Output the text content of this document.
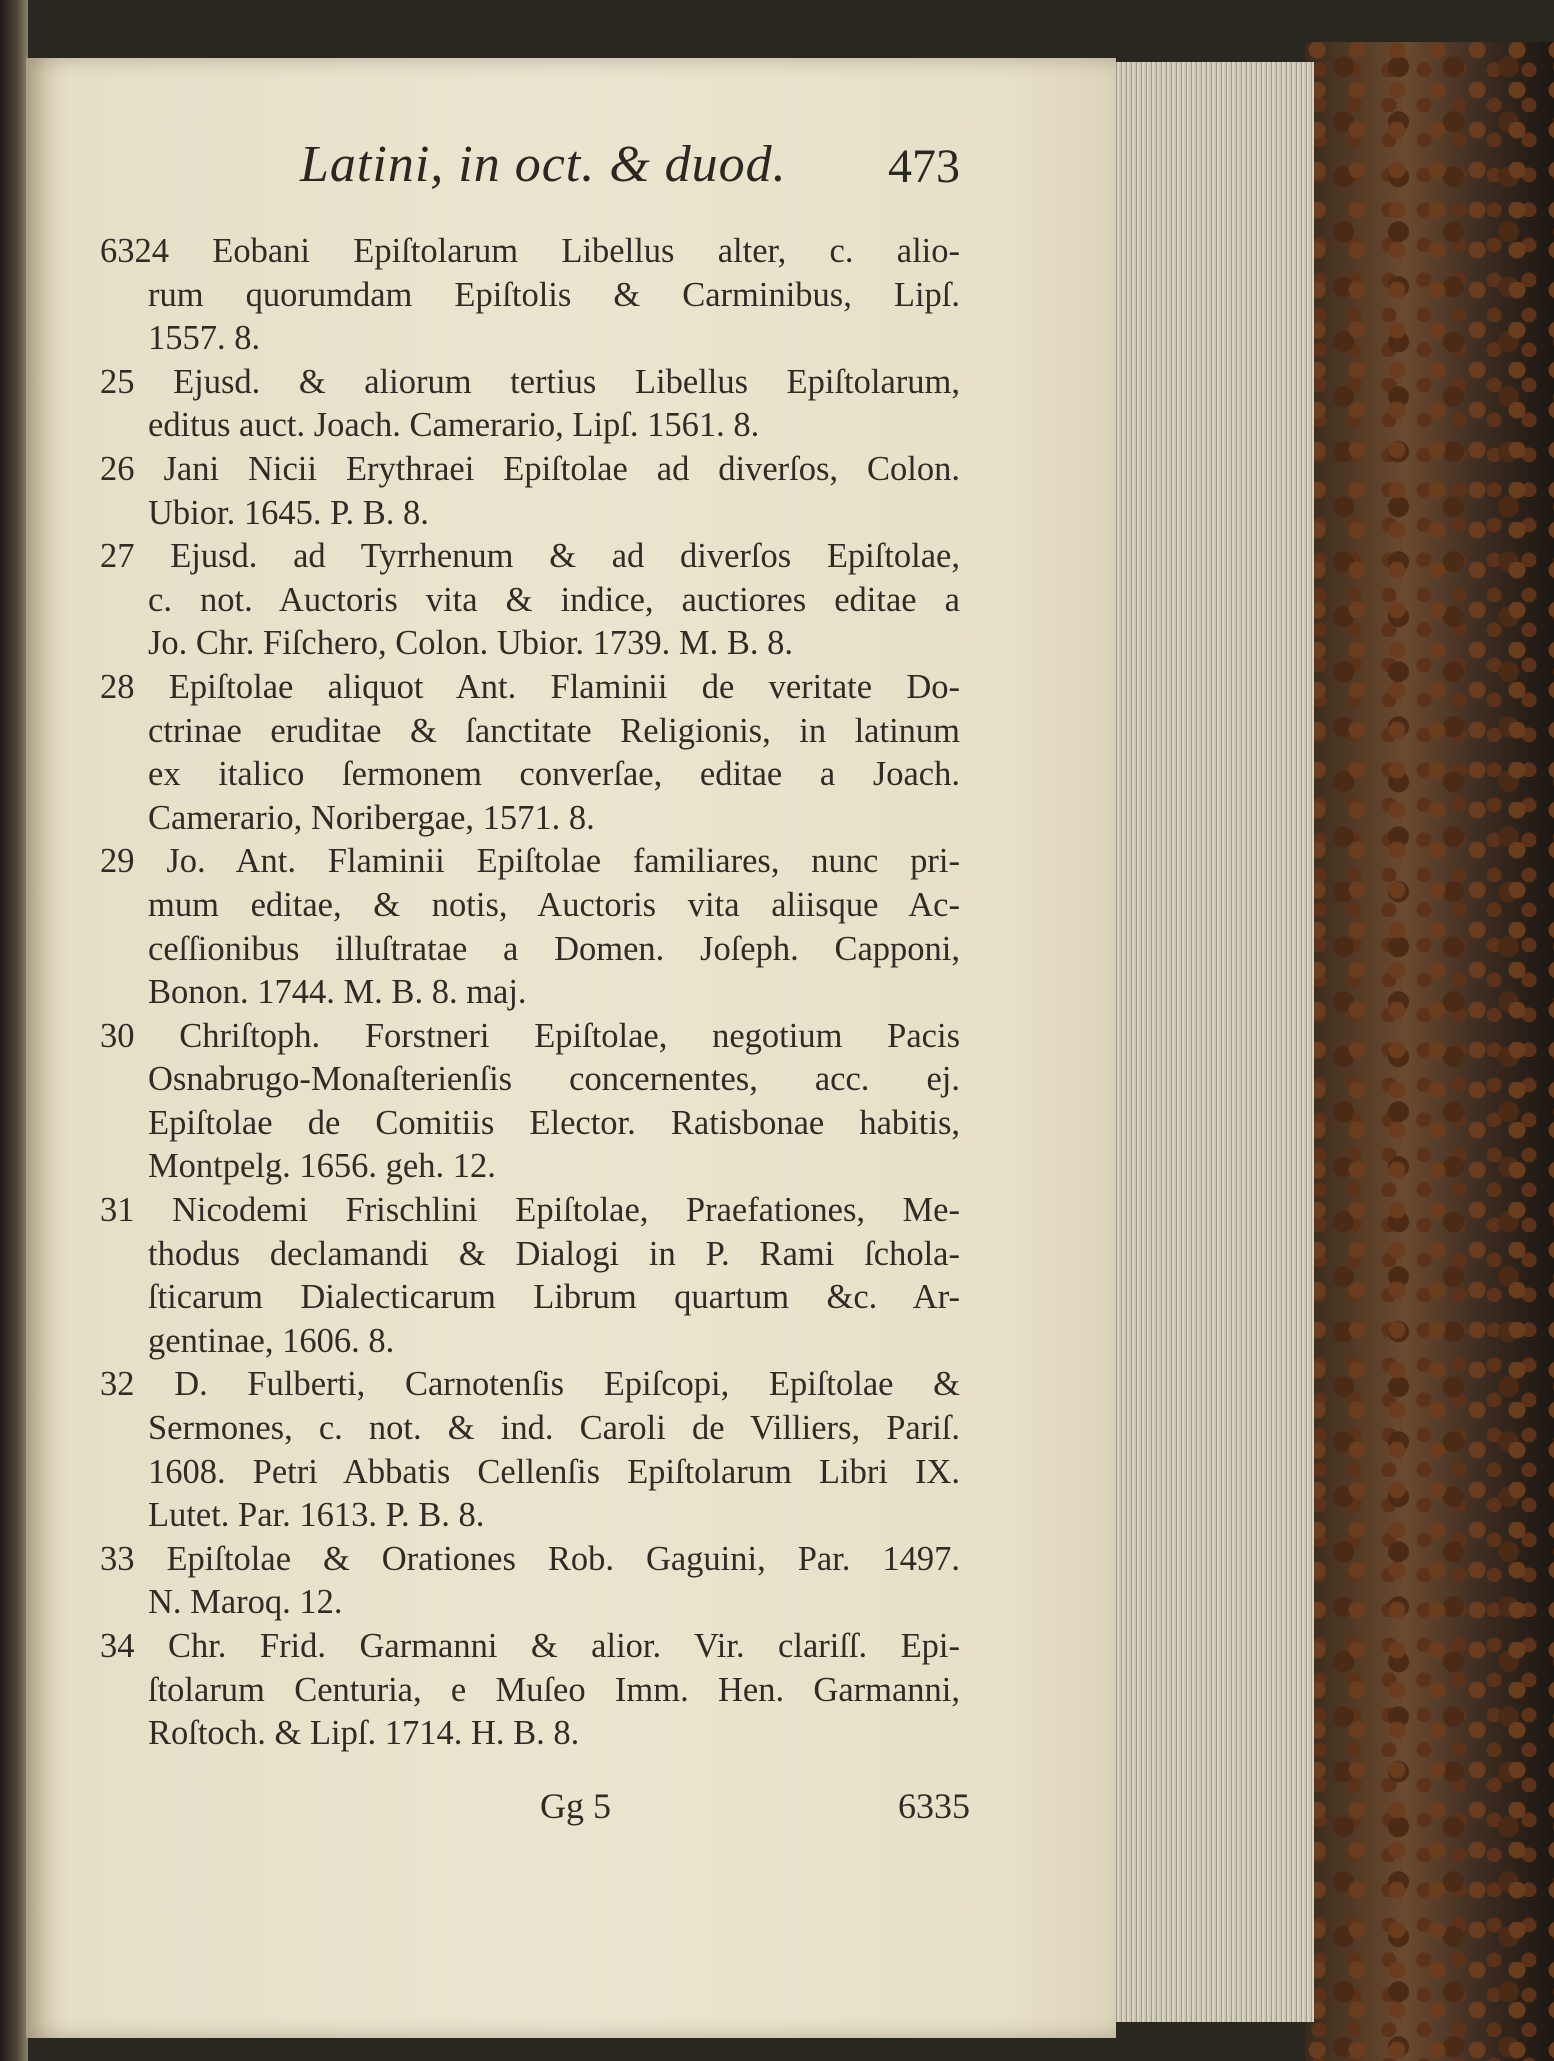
Latini, in oct. & duod. 473
6324 Eobani Epiſtolarum Libellus alter, c. alio-
rum quorumdam Epiſtolis & Carminibus, Lipſ.
1557. 8.
25 Ejusd. & aliorum tertius Libellus Epiſtolarum,
editus auct. Joach. Camerario, Lipſ. 1561. 8.
26 Jani Nicii Erythraei Epiſtolae ad diverſos, Colon.
Ubior. 1645. P. B. 8.
27 Ejusd. ad Tyrrhenum & ad diverſos Epiſtolae,
c. not. Auctoris vita & indice, auctiores editae a
Jo. Chr. Fiſchero, Colon. Ubior. 1739. M. B. 8.
28 Epiſtolae aliquot Ant. Flaminii de veritate Do-
ctrinae eruditae & ſanctitate Religionis, in latinum
ex italico ſermonem converſae, editae a Joach.
Camerario, Noribergae, 1571. 8.
29 Jo. Ant. Flaminii Epiſtolae familiares, nunc pri-
mum editae, & notis, Auctoris vita aliisque Ac-
ceſſionibus illuſtratae a Domen. Joſeph. Capponi,
Bonon. 1744. M. B. 8. maj.
30 Chriſtoph. Forstneri Epiſtolae, negotium Pacis
Osnabrugo-Monaſterienſis concernentes, acc. ej.
Epiſtolae de Comitiis Elector. Ratisbonae habitis,
Montpelg. 1656. geh. 12.
31 Nicodemi Frischlini Epiſtolae, Praefationes, Me-
thodus declamandi & Dialogi in P. Rami ſchola-
ſticarum Dialecticarum Librum quartum &c. Ar-
gentinae, 1606. 8.
32 D. Fulberti, Carnotenſis Epiſcopi, Epiſtolae &
Sermones, c. not. & ind. Caroli de Villiers, Pariſ.
1608. Petri Abbatis Cellenſis Epiſtolarum Libri IX.
Lutet. Par. 1613. P. B. 8.
33 Epiſtolae & Orationes Rob. Gaguini, Par. 1497.
N. Maroq. 12.
34 Chr. Frid. Garmanni & alior. Vir. clariſſ. Epi-
ſtolarum Centuria, e Muſeo Imm. Hen. Garmanni,
Roſtoch. & Lipſ. 1714. H. B. 8.
Gg 5	6335
